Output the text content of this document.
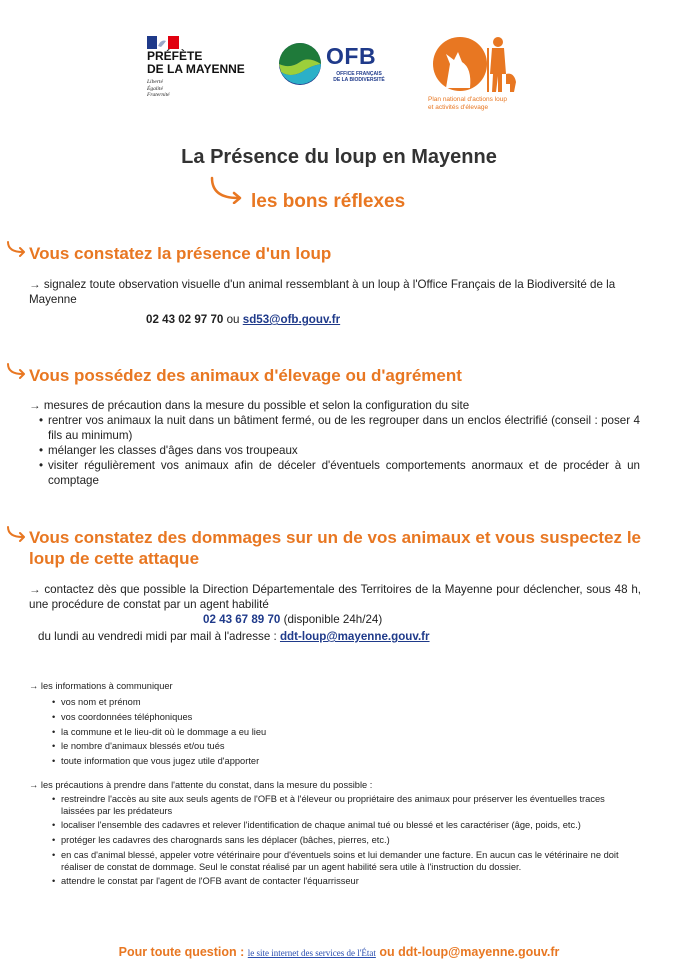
PRÉFÈTE
DE LA MAYENNE
Liberté
Égalité
Fraternité
OFB
OFFICE FRANÇAIS
DE LA BIODIVERSITÉ
Plan national d'actions loup
et activités d'élevage
La Présence du loup en Mayenne
les bons réflexes
Vous constatez la présence d'un loup
→ signalez toute observation visuelle d'un animal ressemblant à un loup à l'Office Français de la Biodiversité de la Mayenne
02 43 02 97 70 ou sd53@ofb.gouv.fr
Vous possédez des animaux d'élevage ou d'agrément
→ mesures de précaution dans la mesure du possible et selon la configuration du site
• rentrer vos animaux la nuit dans un bâtiment fermé, ou de les regrouper dans un enclos électrifié (conseil : poser 4 fils au minimum)
• mélanger les classes d'âges dans vos troupeaux
• visiter régulièrement vos animaux afin de déceler d'éventuels comportements anormaux et de procéder à un comptage
Vous constatez des dommages sur un de vos animaux et vous suspectez le loup de cette attaque
→ contactez dès que possible la Direction Départementale des Territoires de la Mayenne pour déclencher, sous 48 h, une procédure de constat par un agent habilité
02 43 67 89 70 (disponible 24h/24)
du lundi au vendredi midi par mail à l'adresse : ddt-loup@mayenne.gouv.fr
→ les informations à communiquer
• vos nom et prénom
• vos coordonnées téléphoniques
• la commune et le lieu-dit où le dommage a eu lieu
• le nombre d'animaux blessés et/ou tués
• toute information que vous jugez utile d'apporter
→ les précautions à prendre dans l'attente du constat, dans la mesure du possible :
• restreindre l'accès au site aux seuls agents de l'OFB et à l'éleveur ou propriétaire des animaux pour préserver les éventuelles traces laissées par les prédateurs
• localiser l'ensemble des cadavres et relever l'identification de chaque animal tué ou blessé et les caractériser (âge, poids, etc.)
• protéger les cadavres des charognards sans les déplacer (bâches, pierres, etc.)
• en cas d'animal blessé, appeler votre vétérinaire pour d'éventuels soins et lui demander une facture. En aucun cas le vétérinaire ne doit réaliser de constat de dommage. Seul le constat réalisé par un agent habilité sera utile à l'instruction du dossier.
• attendre le constat par l'agent de l'OFB avant de contacter l'équarrisseur
Pour toute question : le site internet des services de l'État ou ddt-loup@mayenne.gouv.fr
